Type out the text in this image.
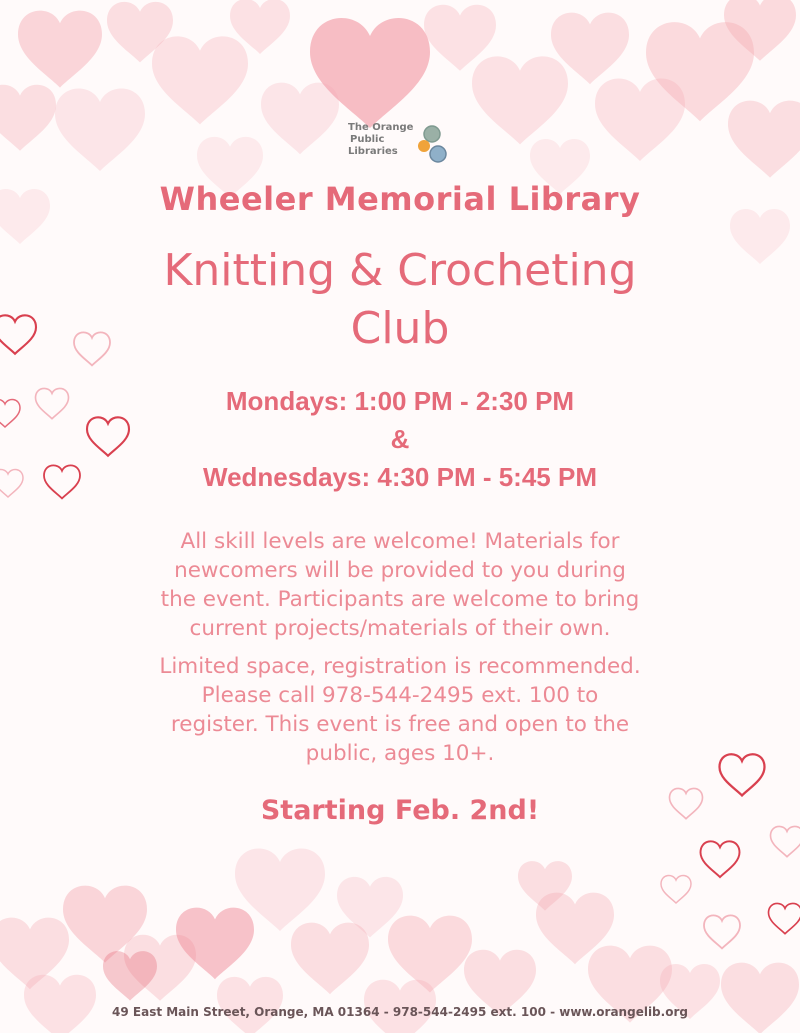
The Orange
Public
Libraries
Wheeler Memorial Library
Knitting & Crocheting
Club
Mondays: 1:00 PM - 2:30 PM
&
Wednesdays: 4:30 PM - 5:45 PM
All skill levels are welcome! Materials for
newcomers will be provided to you during
the event. Participants are welcome to bring
current projects/materials of their own.
Limited space, registration is recommended.
Please call 978-544-2495 ext. 100 to
register. This event is free and open to the
public, ages 10+.
Starting Feb. 2nd!
49 East Main Street, Orange, MA 01364 - 978-544-2495 ext. 100 - www.orangelib.org
